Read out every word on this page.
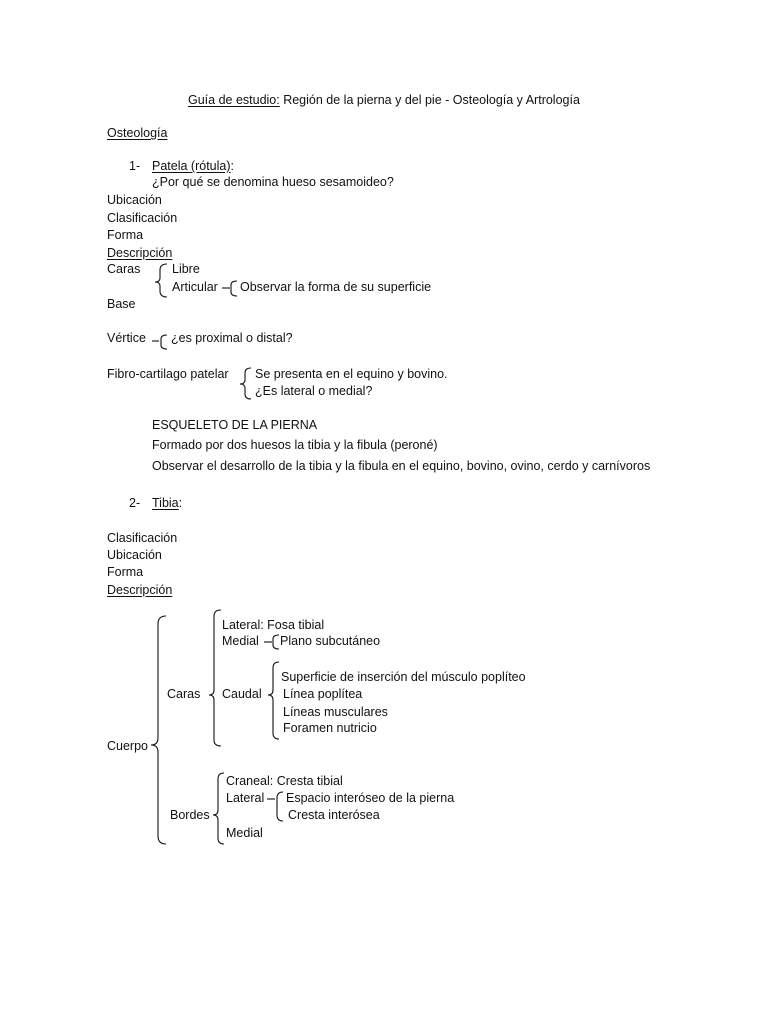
Guía de estudio: Región de la pierna y del pie - Osteología y Artrología
Osteología
1- Patela (rótula):
¿Por qué se denomina hueso sesamoideo?
Ubicación
Clasificación
Forma
Descripción
Caras	Libre
Articular Observar la forma de su superficie
Base
Vértice ¿es proximal o distal?
Fibro-cartilago patelar Se presenta en el equino y bovino.
¿Es lateral o medial?
ESQUELETO DE LA PIERNA
Formado por dos huesos la tibia y la fibula (peroné)
Observar el desarrollo de la tibia y la fibula en el equino, bovino, ovino, cerdo y carnívoros
2- Tibia:
Clasificación
Ubicación
Forma
Descripción
Lateral: Fosa tibial
Medial Plano subcutáneo
Superficie de inserción del músculo poplíteo
Caras Caudal Línea poplítea
Líneas musculares
Foramen nutricio
Cuerpo
Craneal: Cresta tibial
Lateral Espacio interóseo de la pierna
Bordes	Cresta interósea
Medial
